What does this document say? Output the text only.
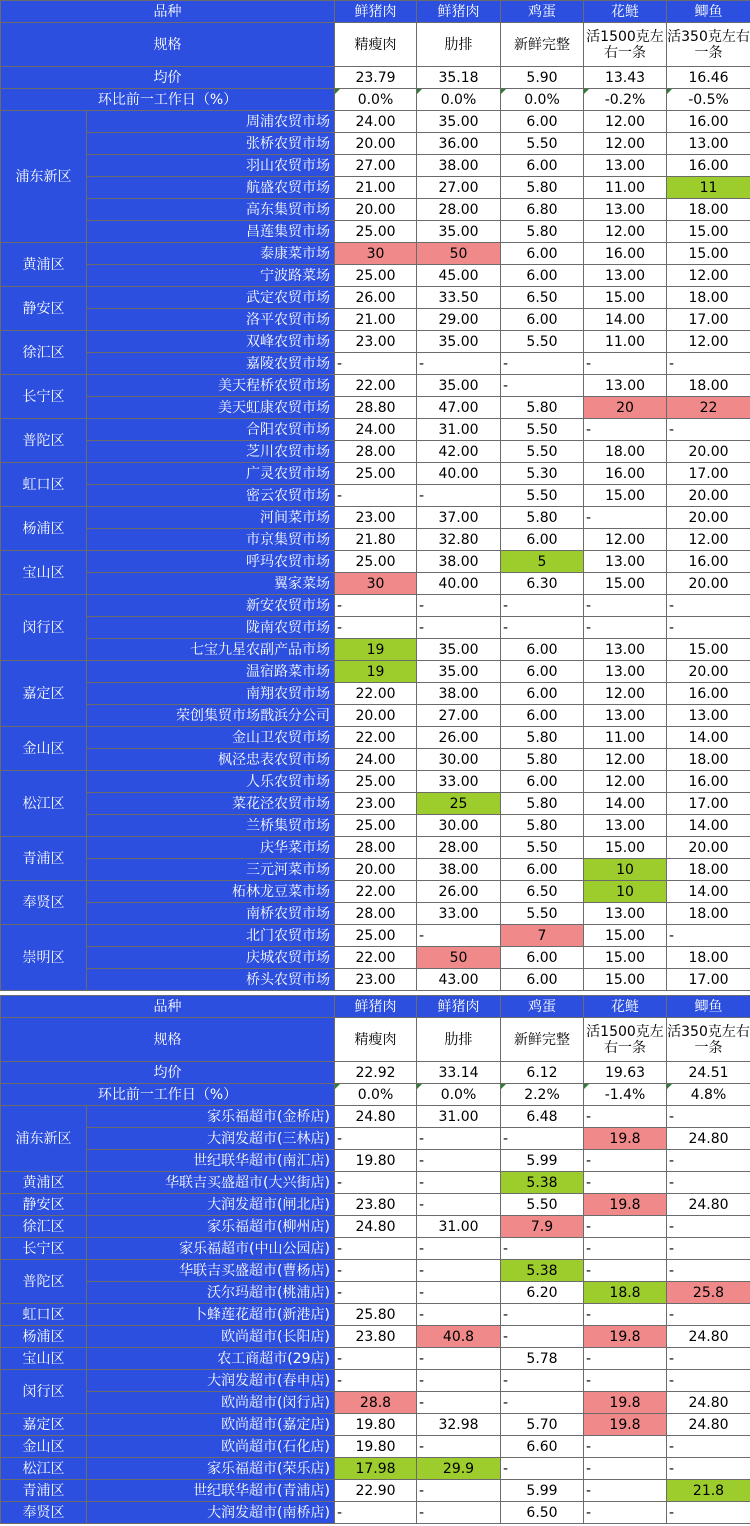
品种		鲜猪肉	鲜猪肉	鸡蛋	花鲢	鲫鱼
规格		精瘦肉	肋排	新鲜完整	活1500克左右一条	活350克左右一条
均价		23.79	35.18	5.90	13.43	16.46
环比前一工作日（%）		0.0%	0.0%	0.0%	-0.2%	-0.5%
浦东新区	周浦农贸市场	24.00	35.00	6.00	12.00	16.00
	张桥农贸市场	20.00	36.00	5.50	12.00	13.00
	羽山农贸市场	27.00	38.00	6.00	13.00	16.00
	航盛农贸市场	21.00	27.00	5.80	11.00	11
	高东集贸市场	20.00	28.00	6.80	13.00	18.00
	昌莲集贸市场	25.00	35.00	5.80	12.00	15.00
黄浦区	泰康菜市场	30	50	6.00	16.00	15.00
	宁波路菜场	25.00	45.00	6.00	13.00	12.00
静安区	武定农贸市场	26.00	33.50	6.50	15.00	18.00
	洛平农贸市场	21.00	29.00	6.00	14.00	17.00
徐汇区	双峰农贸市场	23.00	35.00	5.50	11.00	12.00
	嘉陵农贸市场	-	-	-	-	-
长宁区	美天程桥农贸市场	22.00	35.00	-	13.00	18.00
	美天虹康农贸市场	28.80	47.00	5.80	20	22
普陀区	合阳农贸市场	24.00	31.00	5.50	-	-
	芝川农贸市场	28.00	42.00	5.50	18.00	20.00
虹口区	广灵农贸市场	25.00	40.00	5.30	16.00	17.00
	密云农贸市场	-	-	5.50	15.00	20.00
杨浦区	河间菜市场	23.00	37.00	5.80	-	20.00
	市京集贸市场	21.80	32.80	6.00	12.00	12.00
宝山区	呼玛农贸市场	25.00	38.00	5	13.00	16.00
	翼家菜场	30	40.00	6.30	15.00	20.00
闵行区	新安农贸市场	-	-	-	-	-
	陇南农贸市场	-	-	-	-	-
	七宝九星农副产品市场	19	35.00	6.00	13.00	15.00
嘉定区	温宿路菜市场	19	35.00	6.00	13.00	20.00
	南翔农贸市场	22.00	38.00	6.00	12.00	16.00
	荣创集贸市场戬浜分公司	20.00	27.00	6.00	13.00	13.00
金山区	金山卫农贸市场	22.00	26.00	5.80	11.00	14.00
	枫泾忠表农贸市场	24.00	30.00	5.80	12.00	18.00
松江区	人乐农贸市场	25.00	33.00	6.00	12.00	16.00
	菜花泾农贸市场	23.00	25	5.80	14.00	17.00
	兰桥集贸市场	25.00	30.00	5.80	13.00	14.00
青浦区	庆华菜市场	28.00	28.00	5.50	15.00	20.00
	三元河菜市场	20.00	38.00	6.00	10	18.00
奉贤区	柘林龙豆菜市场	22.00	26.00	6.50	10	14.00
	南桥农贸市场	28.00	33.00	5.50	13.00	18.00
崇明区	北门农贸市场	25.00	-	7	15.00	-
	庆城农贸市场	22.00	50	6.00	15.00	18.00
	桥头农贸市场	23.00	43.00	6.00	15.00	17.00
品种		鲜猪肉	鲜猪肉	鸡蛋	花鲢	鲫鱼
规格		精瘦肉	肋排	新鲜完整	活1500克左右一条	活350克左右一条
均价		22.92	33.14	6.12	19.63	24.51
环比前一工作日（%）		0.0%	0.0%	2.2%	-1.4%	4.8%
浦东新区	家乐福超市(金桥店)	24.80	31.00	6.48	-	-
	大润发超市(三林店)	-	-	-	19.8	24.80
	世纪联华超市(南汇店)	19.80	-	5.99	-	-
黄浦区	华联吉买盛超市(大兴街店)	-	-	5.38	-	-
静安区	大润发超市(闸北店)	23.80	-	5.50	19.8	24.80
徐汇区	家乐福超市(柳州店)	24.80	31.00	7.9	-	-
长宁区	家乐福超市(中山公园店)	-	-	-	-	-
普陀区	华联吉买盛超市(曹杨店)	-	-	5.38	-	-
	沃尔玛超市(桃浦店)	-	-	6.20	18.8	25.8
虹口区	卜蜂莲花超市(新港店)	25.80	-	-	-	-
杨浦区	欧尚超市(长阳店)	23.80	40.8	-	19.8	24.80
宝山区	农工商超市(29店)	-	-	5.78	-	-
闵行区	大润发超市(春申店)	-	-	-	-	-
	欧尚超市(闵行店)	28.8	-	-	19.8	24.80
嘉定区	欧尚超市(嘉定店)	19.80	32.98	5.70	19.8	24.80
金山区	欧尚超市(石化店)	19.80	-	6.60	-	-
松江区	家乐福超市(荣乐店)	17.98	29.9	-	-	-
青浦区	世纪联华超市(青浦店)	22.90	-	5.99	-	21.8
奉贤区	大润发超市(南桥店)	-	-	6.50	-	-
